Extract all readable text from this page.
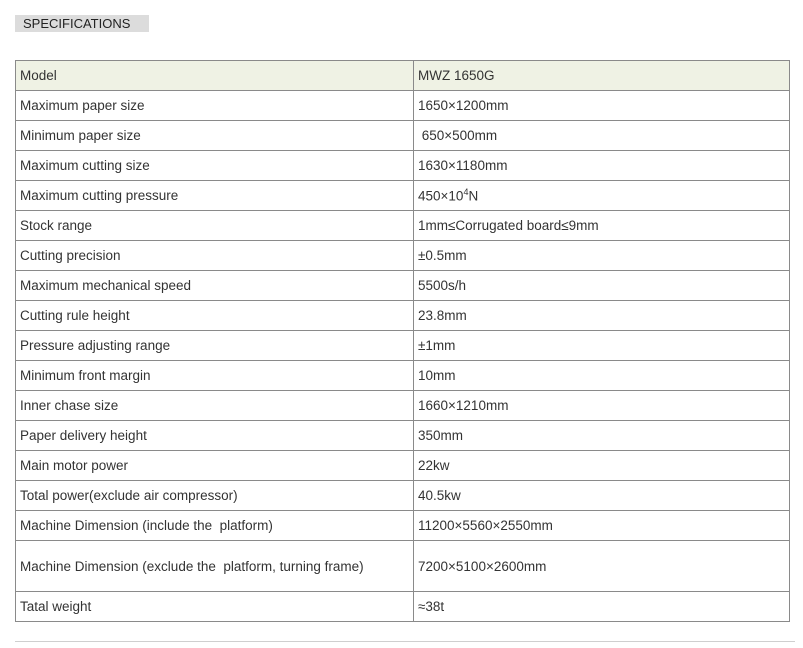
SPECIFICATIONS
Model	MWZ 1650G
Maximum paper size	1650×1200mm
Minimum paper size	650×500mm
Maximum cutting size	1630×1180mm
Maximum cutting pressure	$450\times 10^4N$
Stock range	1mm≤Corrugated board≤9mm
Cutting precision	±0.5mm
Maximum mechanical speed	5500s/h
Cutting rule height	23.8mm
Pressure adjusting range	±1mm
Minimum front margin	10mm
Inner chase size	1660×1210mm
Paper delivery height	350mm
Main motor power	22kw
Total power(exclude air compressor)	40.5kw
Machine Dimension (include the  platform)	11200×5560×2550mm
Machine Dimension (exclude the  platform, turning frame)	7200×5100×2600mm
Tatal weight	≈38t
